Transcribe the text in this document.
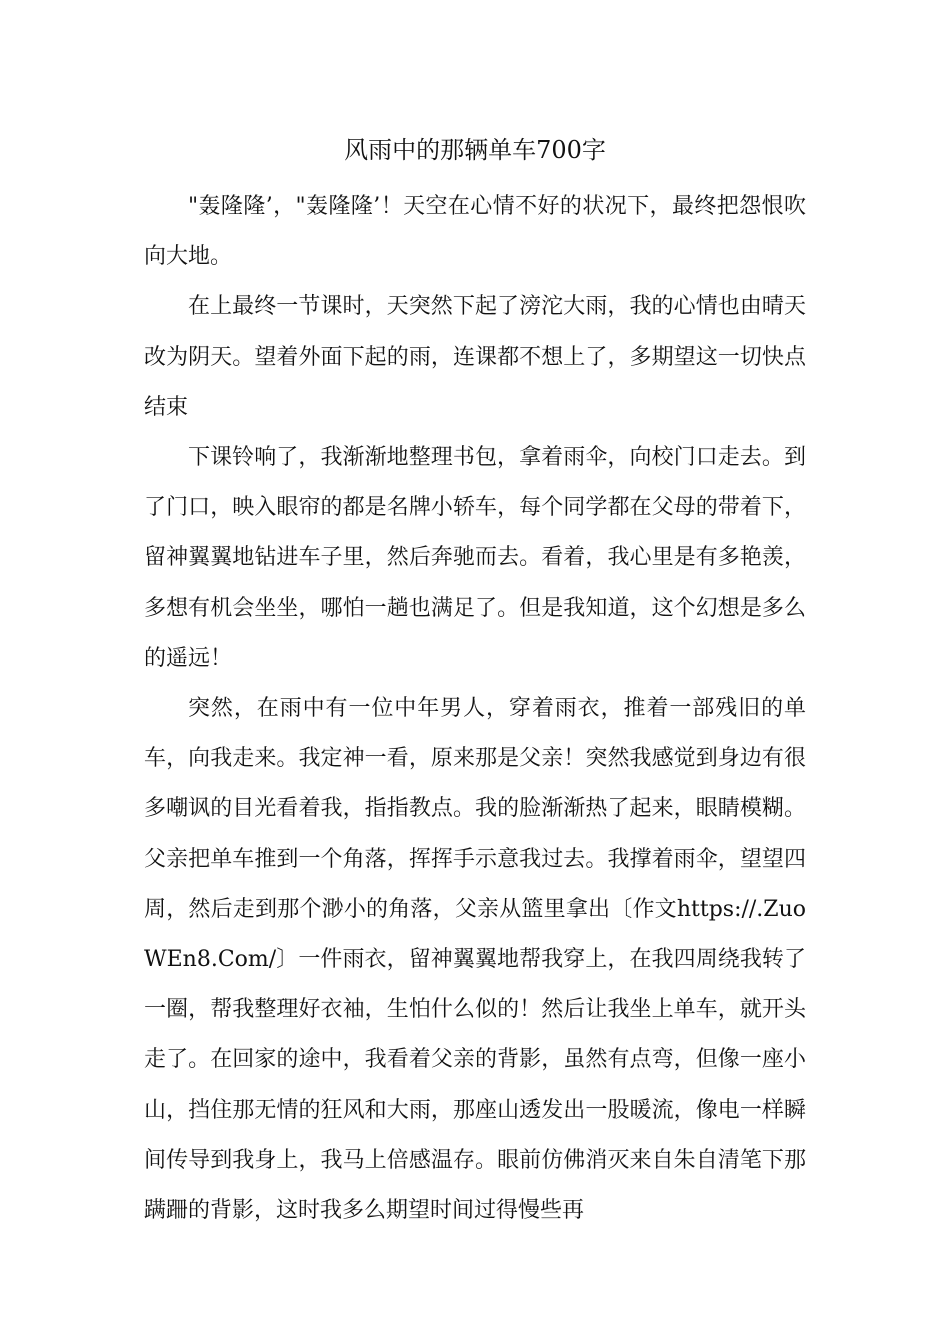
风雨中的那辆单车700字

"轰隆隆’，"轰隆隆’！天空在心情不好的状况下，最终把怨恨吹向大地。

在上最终一节课时，天突然下起了滂沱大雨，我的心情也由晴天改为阴天。望着外面下起的雨，连课都不想上了，多期望这一切快点结束

下课铃响了，我渐渐地整理书包，拿着雨伞，向校门口走去。到了门口，映入眼帘的都是名牌小轿车，每个同学都在父母的带着下，留神翼翼地钻进车子里，然后奔驰而去。看着，我心里是有多艳羡，多想有机会坐坐，哪怕一趟也满足了。但是我知道，这个幻想是多么的遥远！

突然，在雨中有一位中年男人，穿着雨衣，推着一部残旧的单车，向我走来。我定神一看，原来那是父亲！突然我感觉到身边有很多嘲讽的目光看着我，指指教点。我的脸渐渐热了起来，眼睛模糊。父亲把单车推到一个角落，挥挥手示意我过去。我撑着雨伞，望望四周，然后走到那个渺小的角落，父亲从篮里拿出〔作文https://.ZuoWEn8.Com/〕一件雨衣，留神翼翼地帮我穿上，在我四周绕我转了一圈，帮我整理好衣袖，生怕什么似的！然后让我坐上单车，就开头走了。在回家的途中，我看着父亲的背影，虽然有点弯，但像一座小山，挡住那无情的狂风和大雨，那座山透发出一股暖流，像电一样瞬间传导到我身上，我马上倍感温存。眼前仿佛消灭来自朱自清笔下那蹒跚的背影，这时我多么期望时间过得慢些再
